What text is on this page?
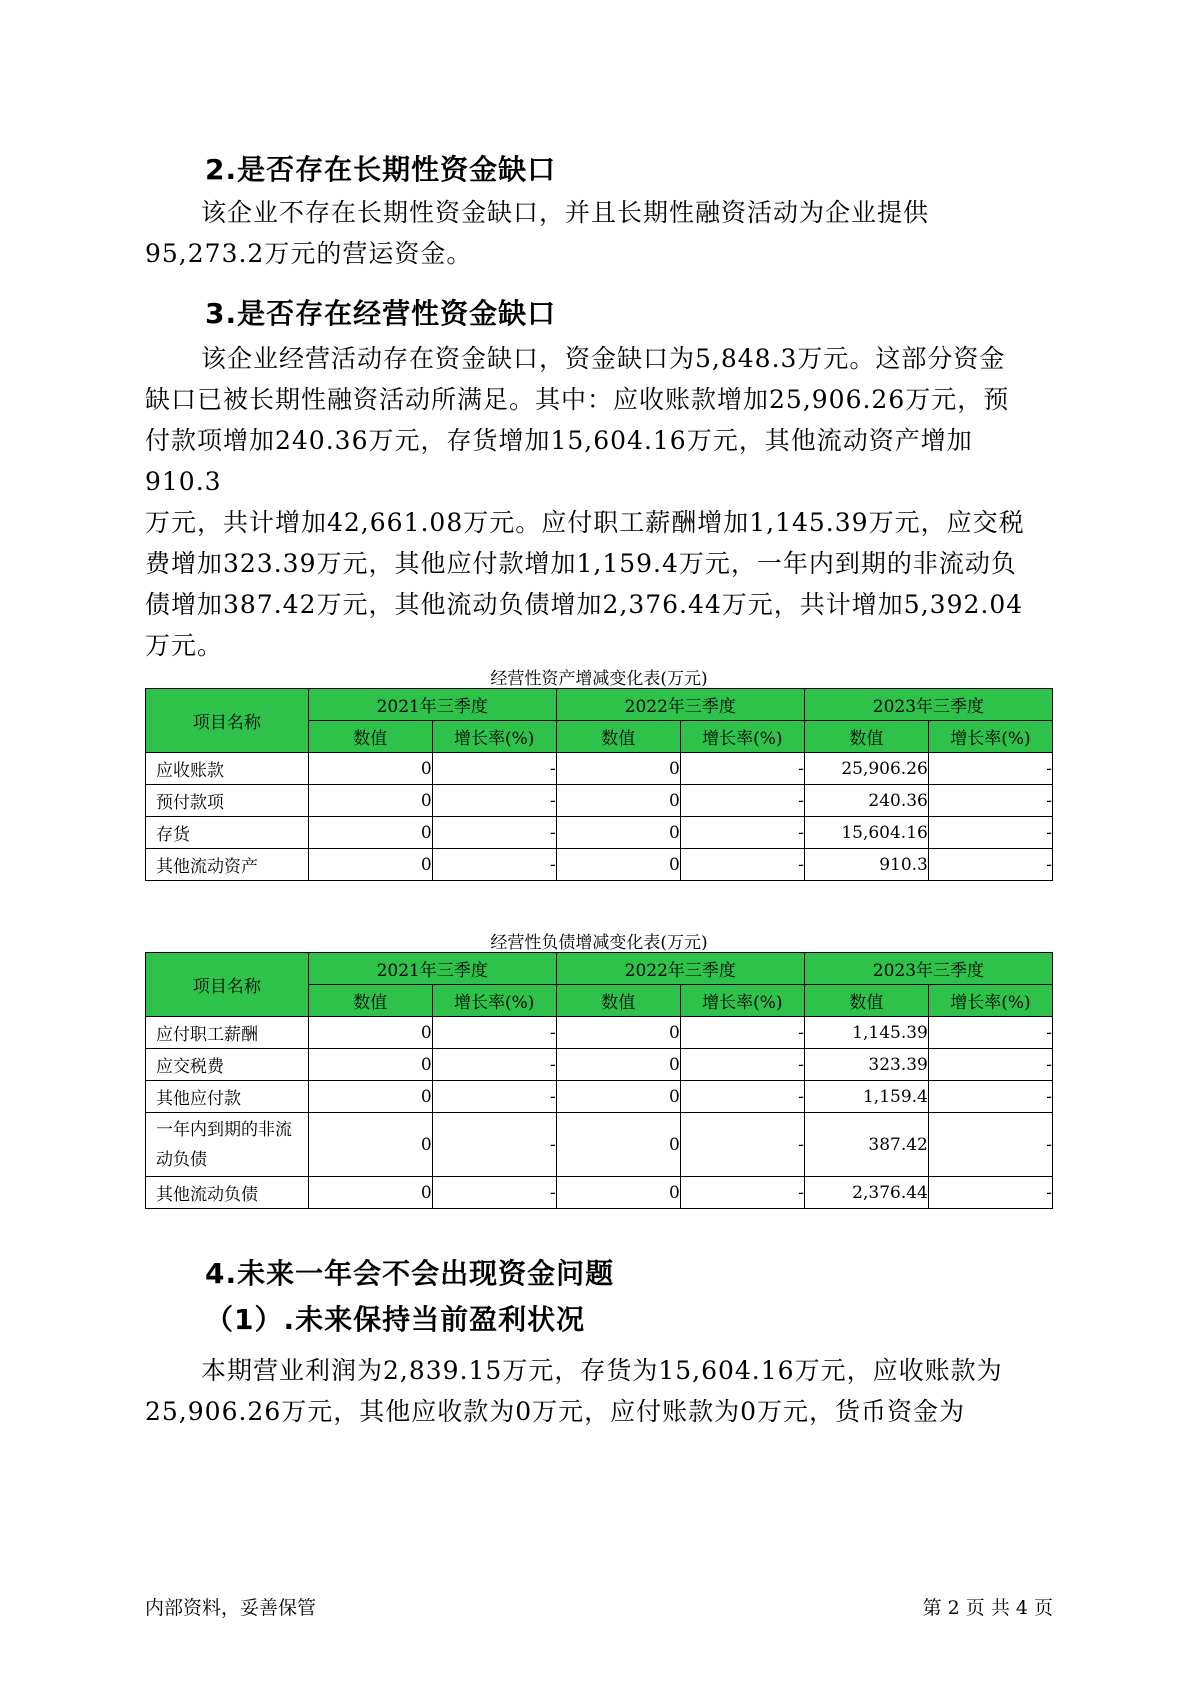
2.是否存在长期性资金缺口
该企业不存在长期性资金缺口，并且长期性融资活动为企业提供
95,273.2万元的营运资金。
3.是否存在经营性资金缺口
该企业经营活动存在资金缺口，资金缺口为5,848.3万元。这部分资金
缺口已被长期性融资活动所满足。其中：应收账款增加25,906.26万元，预
付款项增加240.36万元，存货增加15,604.16万元，其他流动资产增加910.3
万元，共计增加42,661.08万元。应付职工薪酬增加1,145.39万元，应交税
费增加323.39万元，其他应付款增加1,159.4万元，一年内到期的非流动负
债增加387.42万元，其他流动负债增加2,376.44万元，共计增加5,392.04
万元。
经营性资产增减变化表(万元)
项目名称	2021年三季度		2022年三季度		2023年三季度	
	数值	增长率(%)	数值	增长率(%)	数值	增长率(%)
应收账款	0	-	0	-	25,906.26	-
预付款项	0	-	0	-	240.36	-
存货	0	-	0	-	15,604.16	-
其他流动资产	0	-	0	-	910.3	-
经营性负债增减变化表(万元)
项目名称	2021年三季度		2022年三季度		2023年三季度	
	数值	增长率(%)	数值	增长率(%)	数值	增长率(%)
应付职工薪酬	0	-	0	-	1,145.39	-
应交税费	0	-	0	-	323.39	-
其他应付款	0	-	0	-	1,159.4	-
一年内到期的非流动负债	0	-	0	-	387.42	-
其他流动负债	0	-	0	-	2,376.44	-
4.未来一年会不会出现资金问题
（1）.未来保持当前盈利状况
本期营业利润为2,839.15万元，存货为15,604.16万元，应收账款为
25,906.26万元，其他应收款为0万元，应付账款为0万元，货币资金为
内部资料，妥善保管	第 2 页 共 4 页
